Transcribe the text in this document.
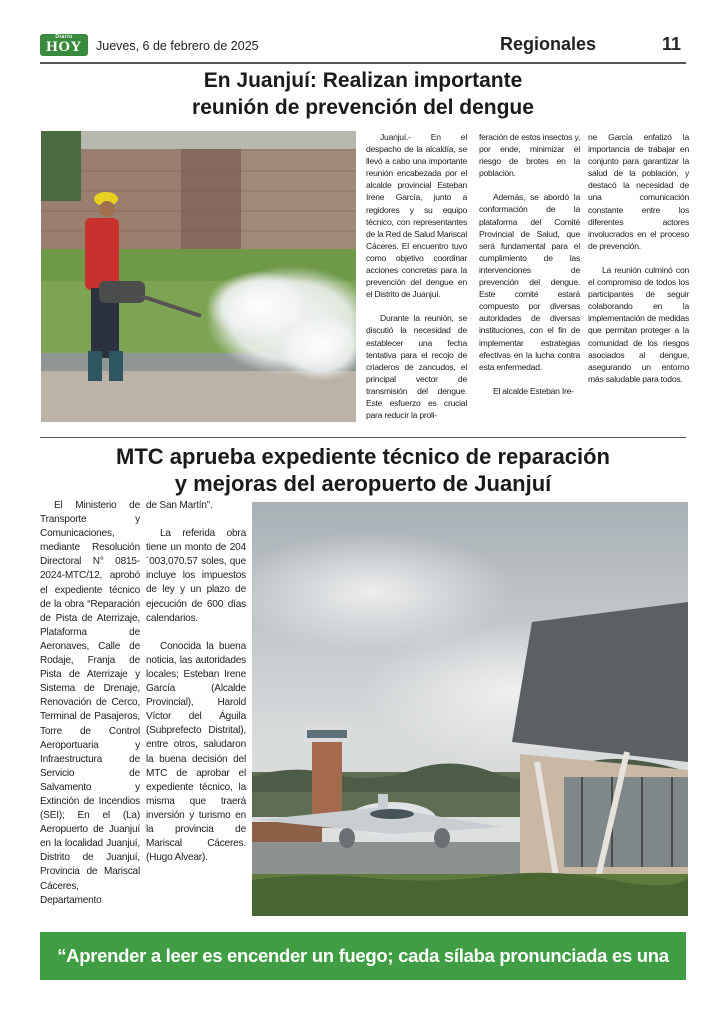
Diario
HOY	Jueves, 6 de febrero de 2025	Regionales	11
En Juanjuí: Realizan importante
reunión de prevención del dengue

Juanjuí.- En el despacho de la alcaldía, se llevó a cabo una importante reunión encabezada por el alcalde provincial Esteban Irene García, junto a regidores y su equipo técnico, con representantes de la Red de Salud Mariscal Cáceres. El encuentro tuvo como objetivo coordinar acciones concretas para la prevención del dengue en el Distrito de Juanjuí.

Durante la reunión, se discutió la necesidad de establecer una fecha tentativa para el recojo de criaderos de zancudos, el principal vector de transmisión del dengue. Este esfuerzo es crucial para reducir la proli-

feración de estos insectos y, por ende, minimizar el riesgo de brotes en la población.

Además, se abordó la conformación de la plataforma del Comité Provincial de Salud, que será fundamental para el cumplimiento de las intervenciones de prevención del dengue. Este comité estará compuesto por diversas autoridades de diversas instituciones, con el fin de implementar estrategias efectivas en la lucha contra esta enfermedad.

El alcalde Esteban Ire-

ne García enfatizó la importancia de trabajar en conjunto para garantizar la salud de la población, y destacó la necesidad de una comunicación constante entre los diferentes actores involucrados en el proceso de prevención.

La reunión culminó con el compromiso de todos los participantes de seguir colaborando en la implementación de medidas que permitan proteger a la comunidad de los riesgos asociados al dengue, asegurando un entorno más saludable para todos.

MTC aprueba expediente técnico de reparación
y mejoras del aeropuerto de Juanjuí

El Ministerio de Transporte y Comunicaciones, mediante Resolución Directoral N° 0815-2024-MTC/12, aprobó el expediente técnico de la obra “Reparación de Pista de Aterrizaje, Plataforma de Aeronaves, Calle de Rodaje, Franja de Pista de Aterrizaje y Sistema de Drenaje, Renovación de Cerco, Terminal de Pasajeros, Torre de Control Aeroportuaria y Infraestructura de Servicio de Salvamento y Extinción de Incendios (SEI); En el (La) Aeropuerto de Juanjuí en la localidad Juanjuí, Distrito de Juanjuí, Provincia de Mariscal Cáceres, Departamento

de San Martín”.

La referida obra tiene un monto de 204´003,070.57 soles, que incluye los impuestos de ley y un plazo de ejecución de 600 días calendarios.

Conocida la buena noticia, las autoridades locales; Esteban Irene García (Alcalde Provincial), Harold Víctor del Águila (Subprefecto Distrital), entre otros, saludaron la buena decisión del MTC de aprobar el expediente técnico, la misma que traerá inversión y turismo en la provincia de Mariscal Cáceres. (Hugo Alvear).

“Aprender a leer es encender un fuego; cada sílaba pronunciada es una chispa”.
